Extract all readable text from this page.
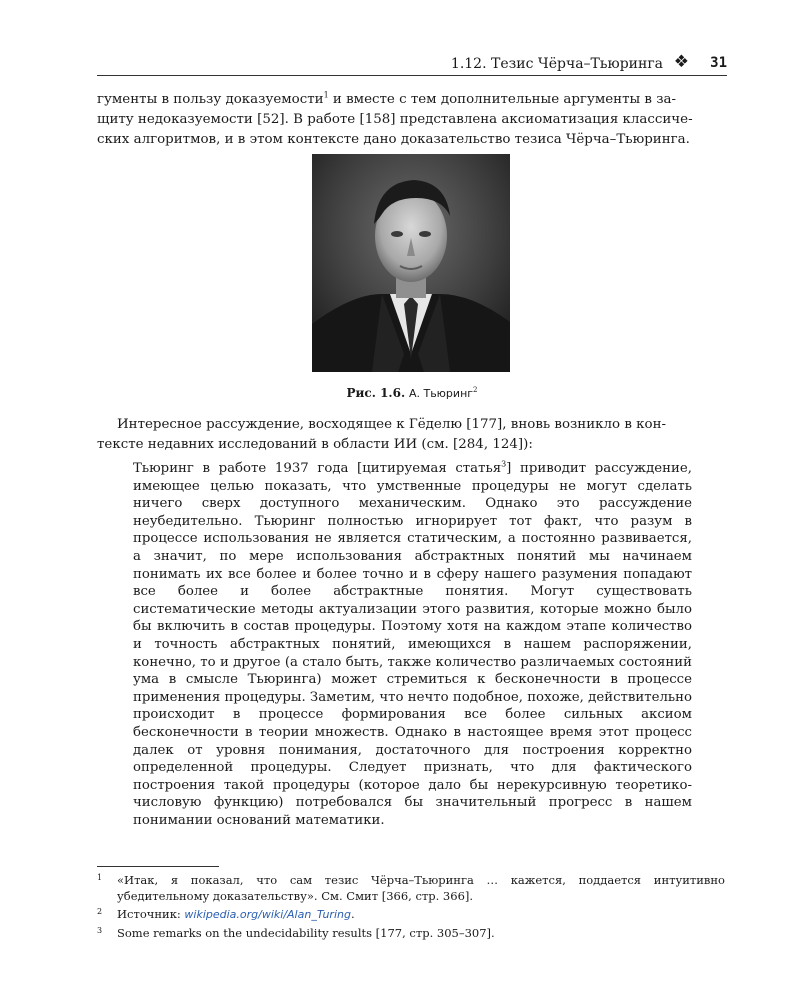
1.12. Тезис Чёрча–Тьюринга ❖ 31
гументы в пользу доказуемости$^1$ и вместе с тем дополнительные аргументы в за-
щиту недоказуемости [52]. В работе [158] представлена аксиоматизация классиче-
ских алгоритмов, и в этом контексте дано доказательство тезиса Чёрча–Тьюринга.
Рис. 1.6. А. Тьюринг$^2$
Интересное рассуждение, восходящее к Гёделю [177], вновь возникло в кон-
тексте недавних исследований в области ИИ (см. [284, 124]):
Тьюринг в работе 1937 года [цитируемая статья$^3$] приводит рассуждение, имеющее целью показать, что умственные процедуры не могут сделать ничего сверх доступного механическим. Однако это рассуждение неубедительно. Тьюринг полностью игнорирует тот факт, что разум в процессе использования не является статическим, а постоянно развивается, а значит, по мере использования абстрактных понятий мы начинаем понимать их все более и более точно и в сферу нашего разумения попадают все более и более абстрактные понятия. Могут существовать систематические методы актуализации этого развития, которые можно было бы включить в состав процедуры. Поэтому хотя на каждом этапе количество и точность абстрактных понятий, имеющихся в нашем распоряжении, конечно, то и другое (а стало быть, также количество различаемых состояний ума в смысле Тьюринга) может стремиться к бесконечности в процессе применения процедуры. Заметим, что нечто подобное, похоже, действительно происходит в процессе формирования все более сильных аксиом бесконечности в теории множеств. Однако в настоящее время этот процесс далек от уровня понимания, достаточного для построения корректно определенной процедуры. Следует признать, что для фактического построения такой процедуры (которое дало бы нерекурсивную теоретико-числовую функцию) потребовался бы значительный прогресс в нашем понимании оснований математики.
1 «Итак, я показал, что сам тезис Чёрча–Тьюринга … кажется, поддается интуитивно убедительному доказательству». См. Смит [366, стр. 366].
2 Источник: wikipedia.org/wiki/Alan_Turing.
3 Some remarks on the undecidability results [177, стр. 305–307].
